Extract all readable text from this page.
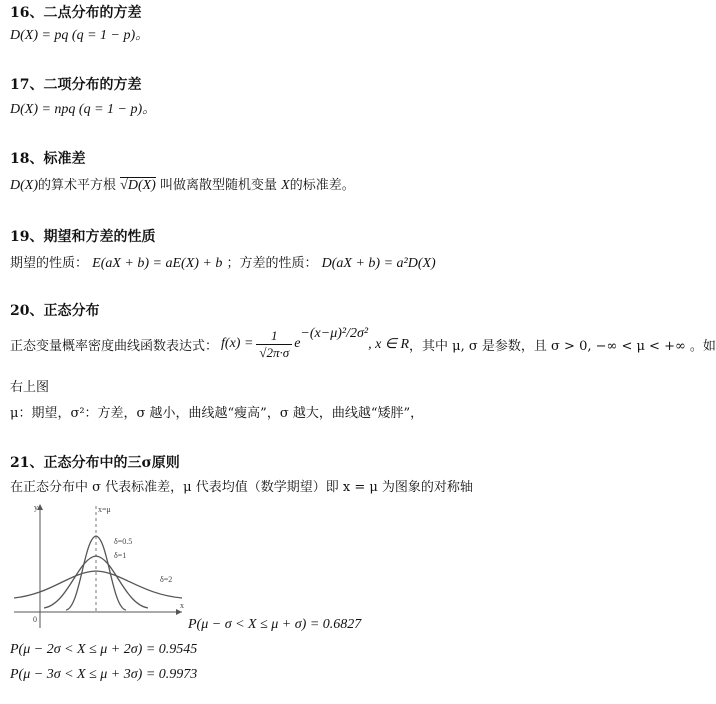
16、二点分布的方差
D(X) = pq (q = 1 − p)。
17、二项分布的方差
D(X) = npq (q = 1 − p)。
18、标准差
D(X)的算术平方根 √D(X) 叫做离散型随机变量 X的标准差。
19、期望和方差的性质
期望的性质： E(aX + b) = aE(X) + b ；方差的性质： D(aX + b) = a²D(X)
20、正态分布
正态变量概率密度曲线函数表达式： $f(x) = \frac{1}{√2\pi\cdot\sigma}$ e
$^{-(x-\mu)^2/2\sigma^2}$
, x ∈ R ，其中 μ, σ 是参数，且 σ > 0, −∞ < μ < +∞ 。如
右上图
μ：期望，σ²：方差，σ 越小，曲线越“瘦高”，σ 越大，曲线越“矮胖”，
21、正态分布中的三σ原则
在正态分布中 σ 代表标准差，μ 代表均值（数学期望）即 x = μ 为图象的对称轴
y
x
0
x=μ
δ=0.5
δ=1
δ=2
P(μ − σ < X ≤ μ + σ) = 0.6827
P(μ − 2σ < X ≤ μ + 2σ) = 0.9545
P(μ − 3σ < X ≤ μ + 3σ) = 0.9973
